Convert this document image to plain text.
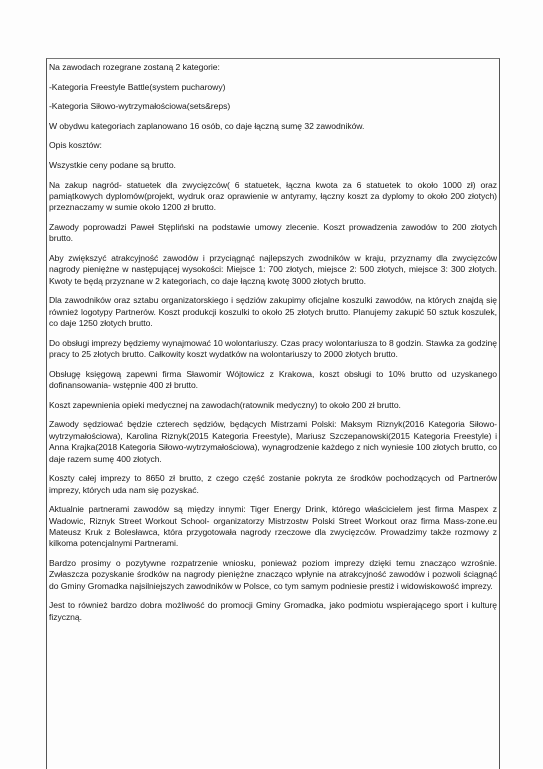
Na zawodach rozegrane zostaną 2 kategorie:

-Kategoria Freestyle Battle(system pucharowy)

-Kategoria Siłowo-wytrzymałościowa(sets&reps)

W obydwu kategoriach zaplanowano 16 osób, co daje łączną sumę 32 zawodników.

Opis kosztów:

Wszystkie ceny podane są brutto.

Na zakup nagród- statuetek dla zwycięzców( 6 statuetek, łączna kwota za 6 statuetek to około 1000 zł) oraz pamiątkowych dyplomów(projekt, wydruk oraz oprawienie w antyramy, łączny koszt za dyplomy to około 200 złotych) przeznaczamy w sumie około 1200 zł brutto.

Zawody poprowadzi Paweł Stępliński na podstawie umowy zlecenie. Koszt prowadzenia zawodów to 200 złotych brutto.

Aby zwiększyć atrakcyjność zawodów i przyciągnąć najlepszych zwodników w kraju, przyznamy dla zwycięzców nagrody pieniężne w następującej wysokości: Miejsce 1: 700 złotych, miejsce 2: 500 złotych, miejsce 3: 300 złotych. Kwoty te będą przyznane w 2 kategoriach, co daje łączną kwotę 3000 złotych brutto.

Dla zawodników oraz sztabu organizatorskiego i sędziów zakupimy oficjalne koszulki zawodów, na których znajdą się również logotypy Partnerów. Koszt produkcji koszulki to około 25 złotych brutto. Planujemy zakupić 50 sztuk koszulek, co daje 1250 złotych brutto.

Do obsługi imprezy będziemy wynajmować 10 wolontariuszy. Czas pracy wolontariusza to 8 godzin. Stawka za godzinę pracy to 25 złotych brutto. Całkowity koszt wydatków na wolontariuszy to 2000 złotych brutto.

Obsługę księgową zapewni firma Sławomir Wójtowicz z Krakowa, koszt obsługi to 10% brutto od uzyskanego dofinansowania- wstępnie 400 zł brutto.

Koszt zapewnienia opieki medycznej na zawodach(ratownik medyczny) to około 200 zł brutto.

Zawody sędziować będzie czterech sędziów, będących Mistrzami Polski: Maksym Riznyk(2016 Kategoria Siłowo-wytrzymałościowa), Karolina Riznyk(2015 Kategoria Freestyle), Mariusz Szczepanowski(2015 Kategoria Freestyle) i Anna Krajka(2018 Kategoria Siłowo-wytrzymałościowa), wynagrodzenie każdego z nich wyniesie 100 złotych brutto, co daje razem sumę 400 złotych.

Koszty całej imprezy to 8650 zł brutto, z czego część zostanie pokryta ze środków pochodzących od Partnerów imprezy, których uda nam się pozyskać.

Aktualnie partnerami zawodów są między innymi: Tiger Energy Drink, którego właścicielem jest firma Maspex z Wadowic, Riznyk Street Workout School- organizatorzy Mistrzostw Polski Street Workout oraz firma Mass-zone.eu Mateusz Kruk z Bolesławca, która przygotowała nagrody rzeczowe dla zwycięzców. Prowadzimy także rozmowy z kilkoma potencjalnymi Partnerami.

Bardzo prosimy o pozytywne rozpatrzenie wniosku, ponieważ poziom imprezy dzięki temu znacząco wzrośnie. Zwłaszcza pozyskanie środków na nagrody pieniężne znacząco wpłynie na atrakcyjność zawodów i pozwoli ściągnąć do Gminy Gromadka najsilniejszych zawodników w Polsce, co tym samym podniesie prestiż i widowiskowość imprezy.

Jest to również bardzo dobra możliwość do promocji Gminy Gromadka, jako podmiotu wspierającego sport i kulturę fizyczną.
